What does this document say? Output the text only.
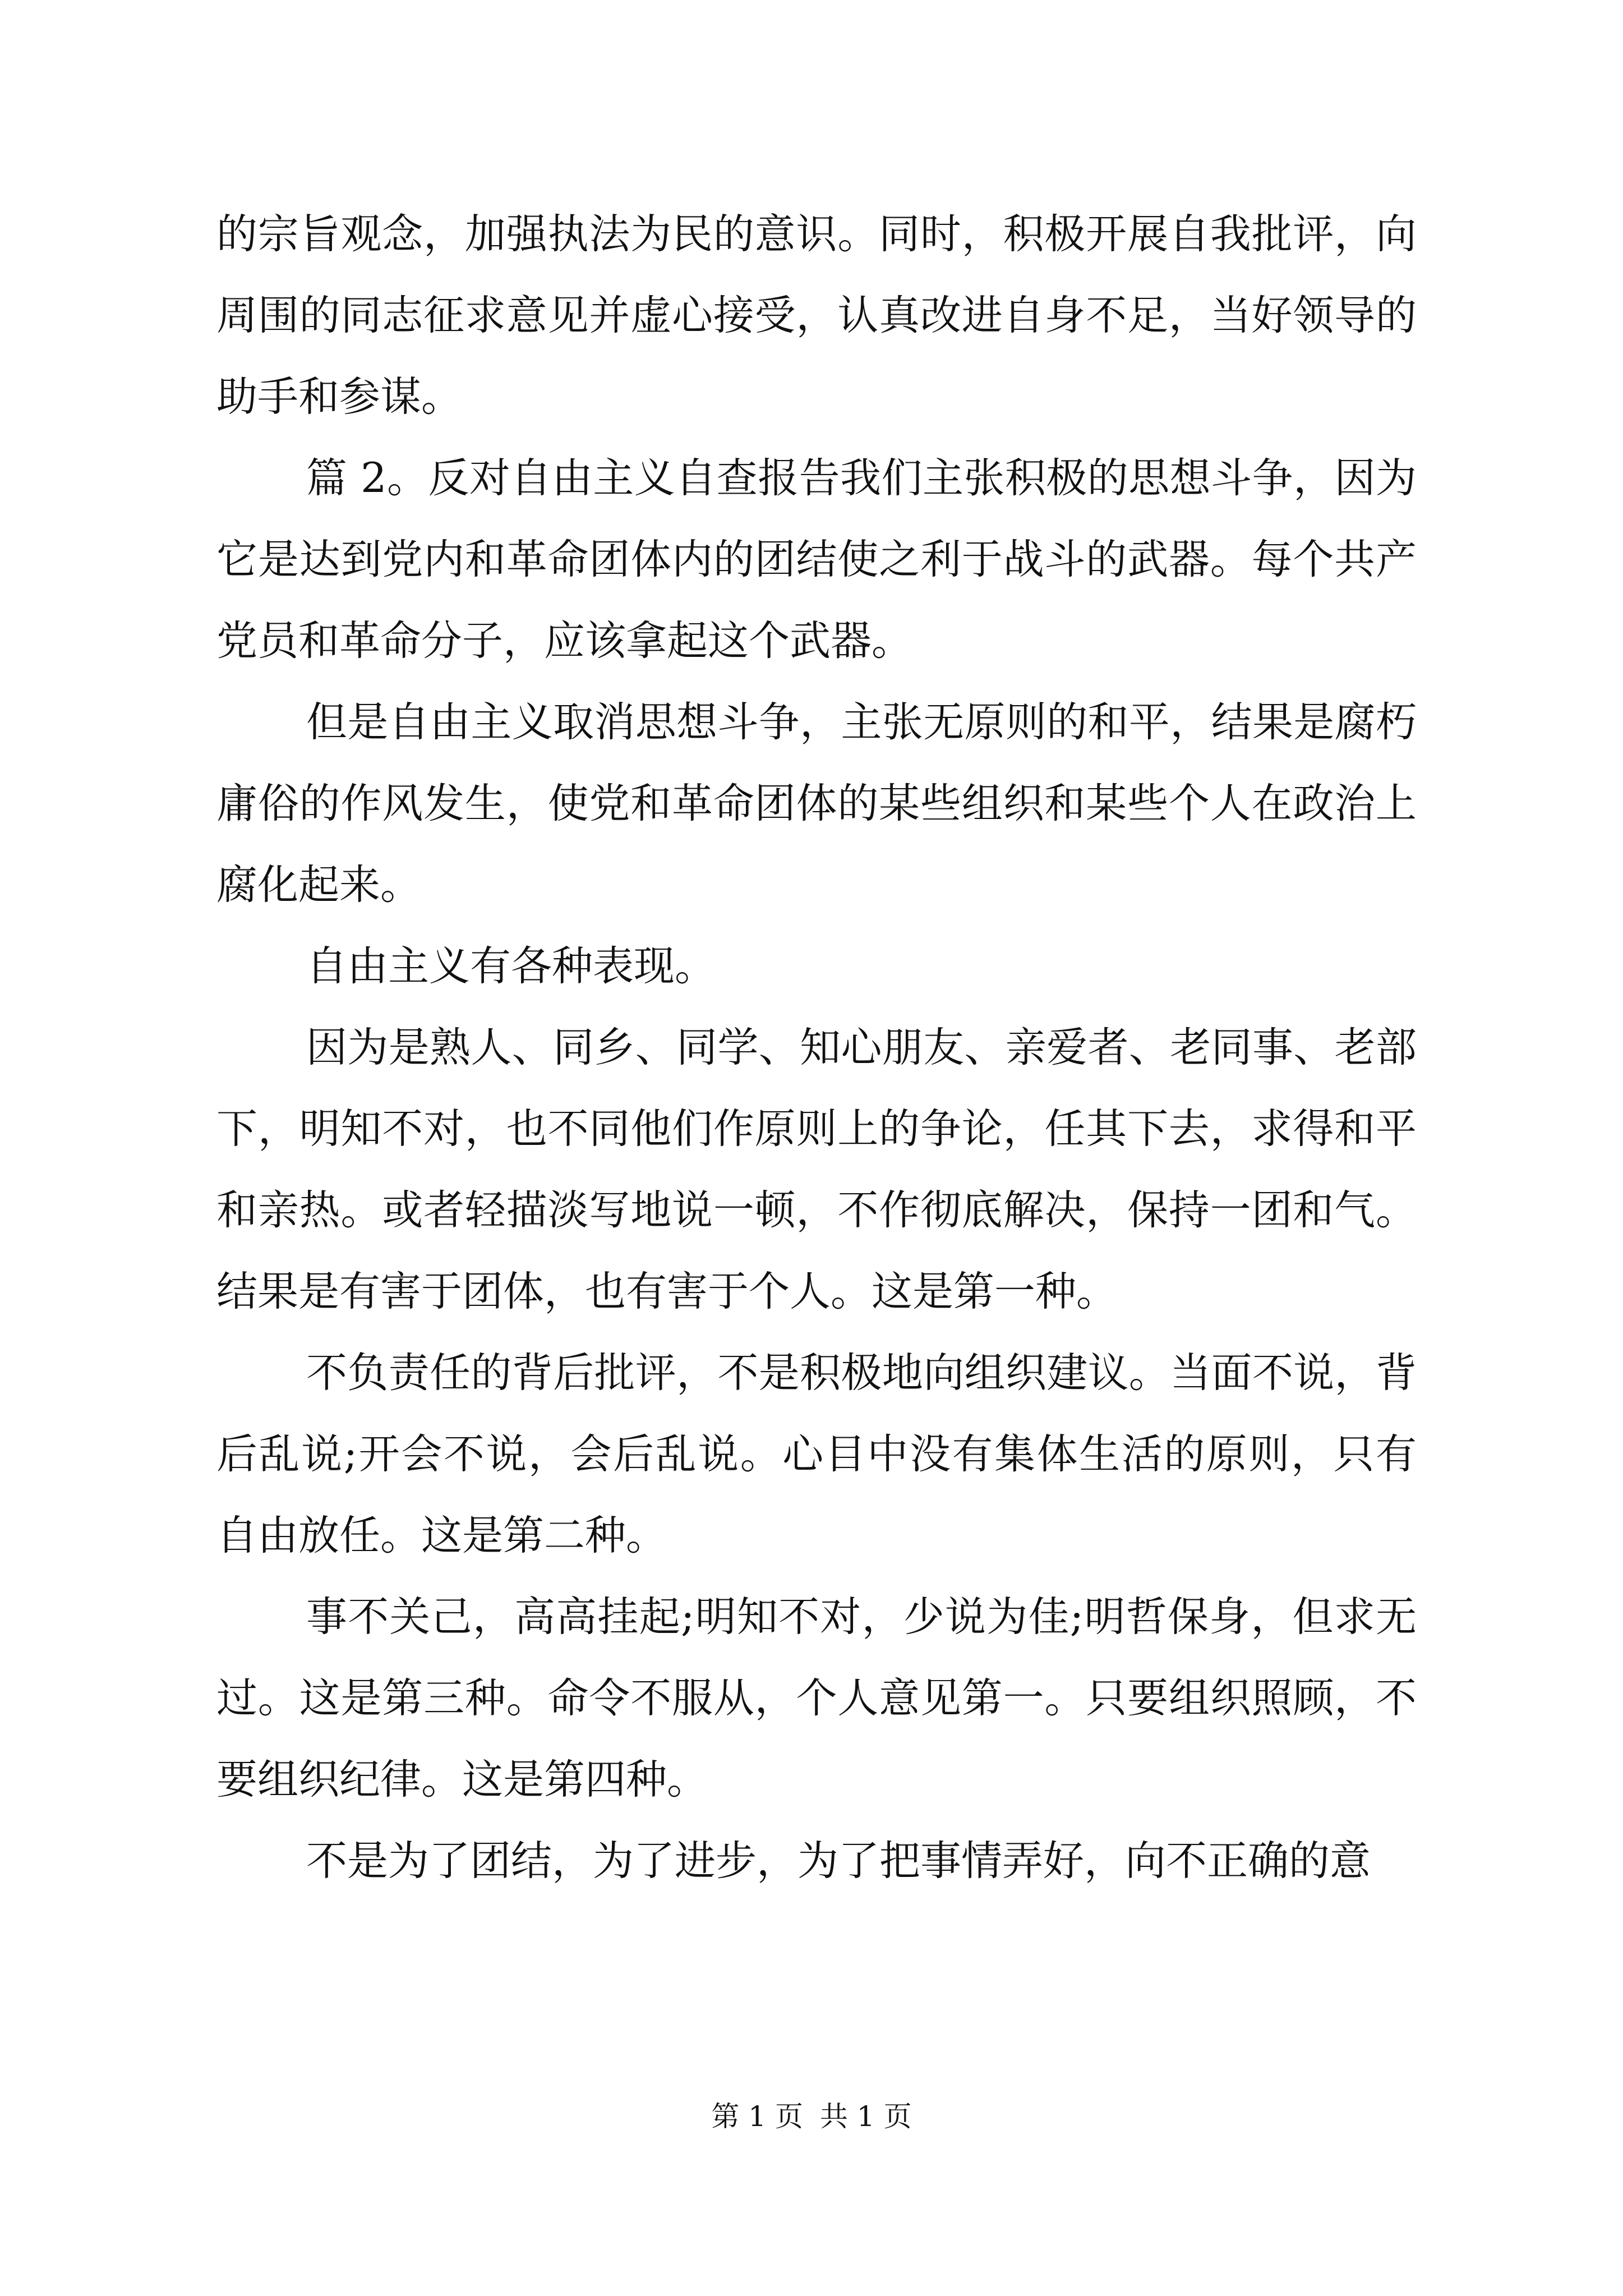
的宗旨观念，加强执法为民的意识。同时，积极开展自我批评，向周围的同志征求意见并虚心接受，认真改进自身不足，当好领导的助手和参谋。

篇 2。反对自由主义自查报告我们主张积极的思想斗争，因为它是达到党内和革命团体内的团结使之利于战斗的武器。每个共产党员和革命分子，应该拿起这个武器。

但是自由主义取消思想斗争，主张无原则的和平，结果是腐朽庸俗的作风发生，使党和革命团体的某些组织和某些个人在政治上腐化起来。

自由主义有各种表现。

因为是熟人、同乡、同学、知心朋友、亲爱者、老同事、老部下，明知不对，也不同他们作原则上的争论，任其下去，求得和平和亲热。或者轻描淡写地说一顿，不作彻底解决，保持一团和气。结果是有害于团体，也有害于个人。这是第一种。

不负责任的背后批评，不是积极地向组织建议。当面不说，背后乱说;开会不说，会后乱说。心目中没有集体生活的原则，只有自由放任。这是第二种。

事不关己，高高挂起;明知不对，少说为佳;明哲保身，但求无过。这是第三种。命令不服从，个人意见第一。只要组织照顾，不要组织纪律。这是第四种。

不是为了团结，为了进步，为了把事情弄好，向不正确的意

第 1 页 共 1 页
